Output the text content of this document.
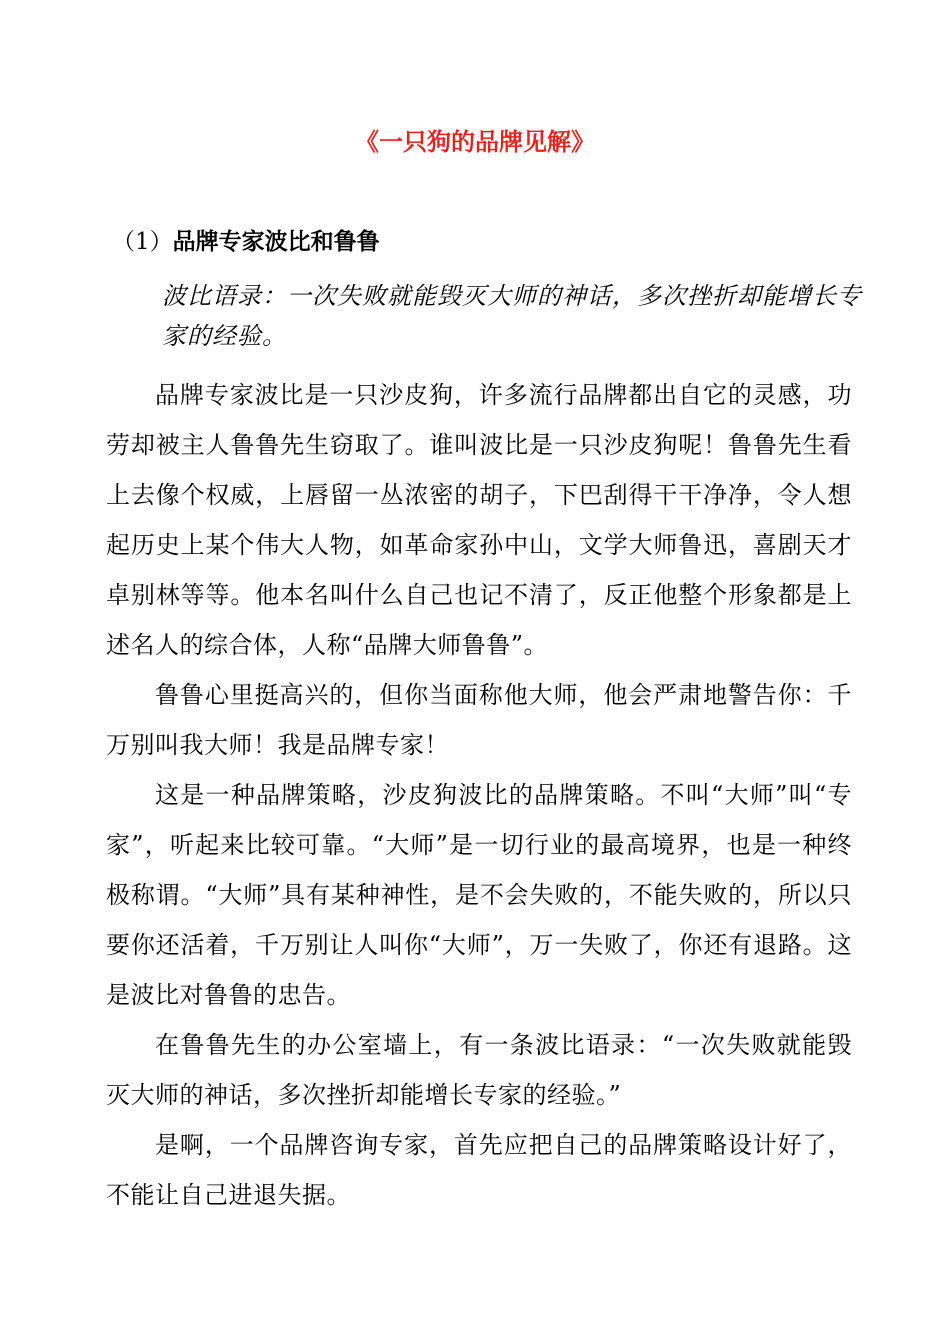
《一只狗的品牌见解》
（1）品牌专家波比和鲁鲁

波比语录：一次失败就能毁灭大师的神话，多次挫折却能增长专家的经验。

品牌专家波比是一只沙皮狗，许多流行品牌都出自它的灵感，功劳却被主人鲁鲁先生窃取了。谁叫波比是一只沙皮狗呢！鲁鲁先生看上去像个权威，上唇留一丛浓密的胡子，下巴刮得干干净净，令人想起历史上某个伟大人物，如革命家孙中山，文学大师鲁迅，喜剧天才卓别林等等。他本名叫什么自己也记不清了，反正他整个形象都是上述名人的综合体，人称“品牌大师鲁鲁”。

鲁鲁心里挺高兴的，但你当面称他大师，他会严肃地警告你：千万别叫我大师！我是品牌专家！

这是一种品牌策略，沙皮狗波比的品牌策略。不叫“大师”叫“专家”，听起来比较可靠。“大师”是一切行业的最高境界，也是一种终极称谓。“大师”具有某种神性，是不会失败的，不能失败的，所以只要你还活着，千万别让人叫你“大师”，万一失败了，你还有退路。这是波比对鲁鲁的忠告。

在鲁鲁先生的办公室墙上，有一条波比语录：“一次失败就能毁灭大师的神话，多次挫折却能增长专家的经验。”

是啊，一个品牌咨询专家，首先应把自己的品牌策略设计好了，不能让自己进退失据。
